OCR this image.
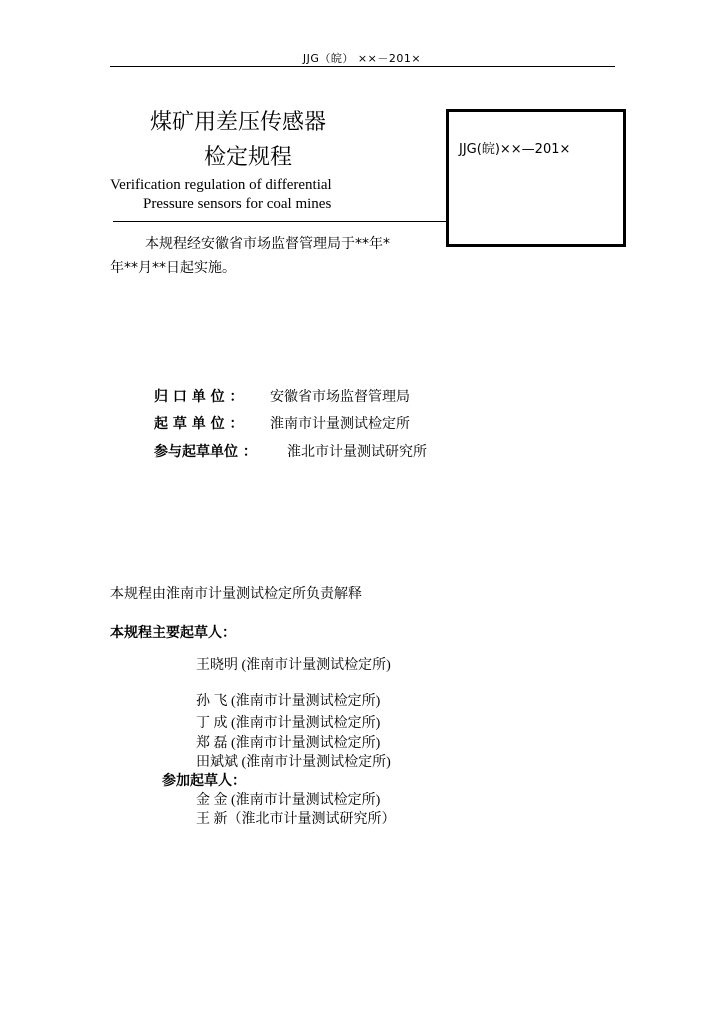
JJG（皖） ××－201×
煤矿用差压传感器
检定规程
Verification regulation of differential
Pressure sensors for coal mines
本规程经安徽省市场监督管理局于**年*
年**月**日起实施。
JJG(皖)××—201×
归 口 单 位 ： 安徽省市场监督管理局
起 草 单 位 ： 淮南市计量测试检定所
参与起草单位 ： 淮北市计量测试研究所
本规程由淮南市计量测试检定所负责解释
本规程主要起草人：
王晓明 (淮南市计量测试检定所)
孙 飞 (淮南市计量测试检定所)
丁 成 (淮南市计量测试检定所)
郑 磊 (淮南市计量测试检定所)
田斌斌 (淮南市计量测试检定所)
参加起草人：
金 金 (淮南市计量测试检定所)
王 新（淮北市计量测试研究所）
